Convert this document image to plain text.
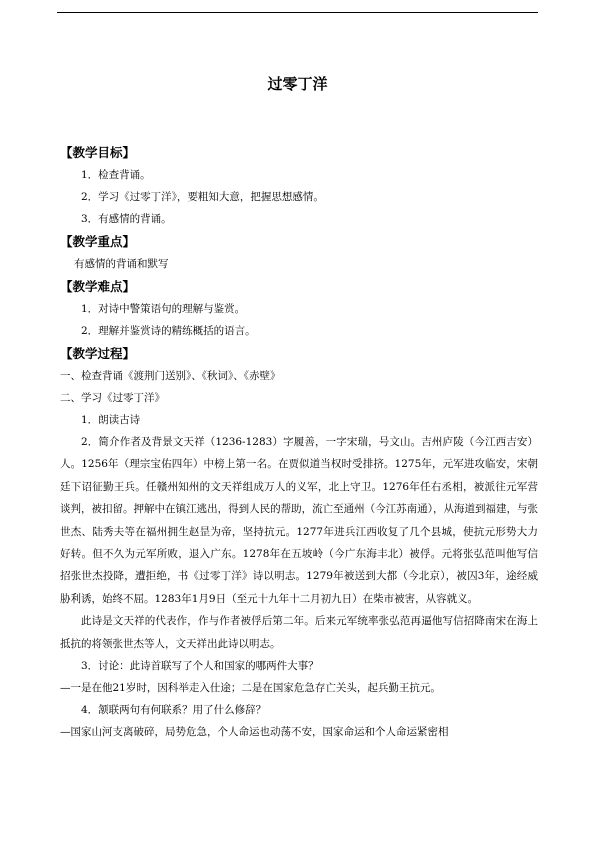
过零丁洋
【教学目标】

1．检查背诵。

2．学习《过零丁洋》，要粗知大意，把握思想感情。

3．有感情的背诵。

【教学重点】

有感情的背诵和默写

【教学难点】

1．对诗中警策语句的理解与鉴赏。

2．理解并鉴赏诗的精练概括的语言。

【教学过程】

一、检查背诵《渡荆门送别》、《秋词》、《赤壁》

二、学习《过零丁洋》

1．朗读古诗

2．简介作者及背景文天祥（1236-1283）字履善，一字宋瑞，号文山。吉州庐陵（今江西吉安）人。1256年（理宗宝佑四年）中榜上第一名。在贾似道当权时受排挤。1275年，元军进攻临安，宋朝廷下诏征勤王兵。任赣州知州的文天祥组成万人的义军，北上守卫。1276年任右丞相，被派往元军营谈判，被扣留。押解中在镇江逃出，得到人民的帮助，流亡至通州（今江苏南通），从海道到福建，与张世杰、陆秀夫等在福州拥生赵昰为帝，坚持抗元。1277年进兵江西收复了几个县城，使抗元形势大力好转。但不久为元军所败，退入广东。1278年在五坡岭（今广东海丰北）被俘。元将张弘范叫他写信招张世杰投降，遭拒绝，书《过零丁洋》诗以明志。1279年被送到大都（今北京），被囚3年，途经威胁利诱，始终不屈。1283年1月9日（至元十九年十二月初九日）在柴市被害，从容就义。

此诗是文天祥的代表作，作与作者被俘后第二年。后来元军统率张弘范再逼他写信招降南宋在海上抵抗的将领张世杰等人，文天祥出此诗以明志。

3．讨论：此诗首联写了个人和国家的哪两件大事？

—一是在他21岁时，因科举走入仕途；二是在国家危急存亡关头，起兵勤王抗元。

4．颔联两句有何联系？用了什么修辞？

—国家山河支离破碎，局势危急，个人命运也动荡不安，国家命运和个人命运紧密相
